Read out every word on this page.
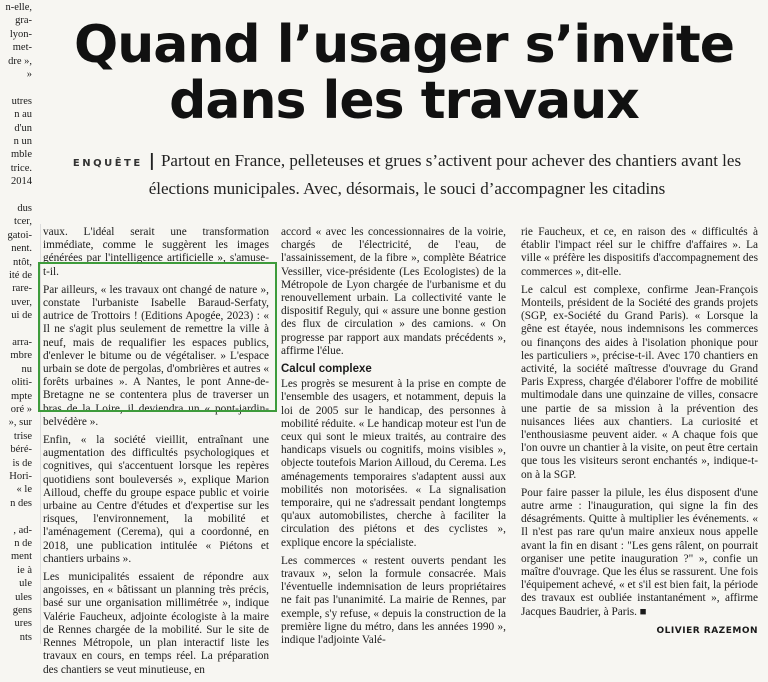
n-elle,
gra-
lyon-
met-
dre »,
»
utres
n au
d'un
n un
mble
trice.
2014
dus
tcer,
gatoi-
nent.
ntôt,
ité de
rare-
uver,
ui de
arra-
mbre
nu
oliti-
mpte
oré »
», sur
trise
béré-
is de
Hori-
« le
n des
, ad-
n de
ment
ie à
ule
ules
gens
ures
nts
Quand l’usager s’invite
dans les travaux
ENQUÊTE | Partout en France, pelleteuses et grues s’activent pour achever des chantiers avant les élections municipales. Avec, désormais, le souci d’accompagner les citadins

vaux. L'idéal serait une transformation immédiate, comme le suggèrent les images générées par l'intelligence artificielle », s'amuse-t-il.

Par ailleurs, « les travaux ont changé de nature », constate l'urbaniste Isabelle Baraud-Serfaty, autrice de Trottoirs ! (Editions Apogée, 2023) : « Il ne s'agit plus seulement de remettre la ville à neuf, mais de requalifier les espaces publics, d'enlever le bitume ou de végétaliser. » L'espace urbain se dote de pergolas, d'ombrières et autres « forêts urbaines ». A Nantes, le pont Anne-de-Bretagne ne se contentera plus de traverser un bras de la Loire, il deviendra un « pont-jardin-belvédère ».

Enfin, « la société vieillit, entraînant une augmentation des difficultés psychologiques et cognitives, qui s'accentuent lorsque les repères quotidiens sont bouleversés », explique Marion Ailloud, cheffe du groupe espace public et voirie urbaine au Centre d'études et d'expertise sur les risques, l'environnement, la mobilité et l'aménagement (Cerema), qui a coordonné, en 2018, une publication intitulée « Piétons et chantiers urbains ».

Les municipalités essaient de répondre aux angoisses, en « bâtissant un planning très précis, basé sur une organisation millimétrée », indique Valérie Faucheux, adjointe écologiste à la maire de Rennes chargée de la mobilité. Sur le site de Rennes Métropole, un plan interactif liste les travaux en cours, en temps réel. La préparation des chantiers se veut minutieuse, en

accord « avec les concessionnaires de la voirie, chargés de l'électricité, de l'eau, de l'assainissement, de la fibre », complète Béatrice Vessiller, vice-présidente (Les Ecologistes) de la Métropole de Lyon chargée de l'urbanisme et du renouvellement urbain. La collectivité vante le dispositif Reguly, qui « assure une bonne gestion des flux de circulation » des camions. « On progresse par rapport aux mandats précédents », affirme l'élue.

Calcul complexe

Les progrès se mesurent à la prise en compte de l'ensemble des usagers, et notamment, depuis la loi de 2005 sur le handicap, des personnes à mobilité réduite. « Le handicap moteur est l'un de ceux qui sont le mieux traités, au contraire des handicaps visuels ou cognitifs, moins visibles », objecte toutefois Marion Ailloud, du Cerema. Les aménagements temporaires s'adaptent aussi aux mobilités non motorisées. « La signalisation temporaire, qui ne s'adressait pendant longtemps qu'aux automobilistes, cherche à faciliter la circulation des piétons et des cyclistes », explique encore la spécialiste.

Les commerces « restent ouverts pendant les travaux », selon la formule consacrée. Mais l'éventuelle indemnisation de leurs propriétaires ne fait pas l'unanimité. La mairie de Rennes, par exemple, s'y refuse, « depuis la construction de la première ligne du métro, dans les années 1990 », indique l'adjointe Valé-

rie Faucheux, et ce, en raison des « difficultés à établir l'impact réel sur le chiffre d'affaires ». La ville « préfère les dispositifs d'accompagnement des commerces », dit-elle.

Le calcul est complexe, confirme Jean-François Monteils, président de la Société des grands projets (SGP, ex-Société du Grand Paris). « Lorsque la gêne est étayée, nous indemnisons les commerces ou finançons des aides à l'isolation phonique pour les particuliers », précise-t-il. Avec 170 chantiers en activité, la société maîtresse d'ouvrage du Grand Paris Express, chargée d'élaborer l'offre de mobilité multimodale dans une quinzaine de villes, consacre une partie de sa mission à la prévention des nuisances liées aux chantiers. La curiosité et l'enthousiasme peuvent aider. « A chaque fois que l'on ouvre un chantier à la visite, on peut être certain que tous les visiteurs seront enchantés », indique-t-on à la SGP.

Pour faire passer la pilule, les élus disposent d'une autre arme : l'inauguration, qui signe la fin des désagréments. Quitte à multiplier les événements. « Il n'est pas rare qu'un maire anxieux nous appelle avant la fin en disant : "Les gens râlent, on pourrait organiser une petite inauguration ?" », confie un maître d'ouvrage. Que les élus se rassurent. Une fois l'équipement achevé, « et s'il est bien fait, la période des travaux est oubliée instantanément », affirme Jacques Baudrier, à Paris. ■

OLIVIER RAZEMON
